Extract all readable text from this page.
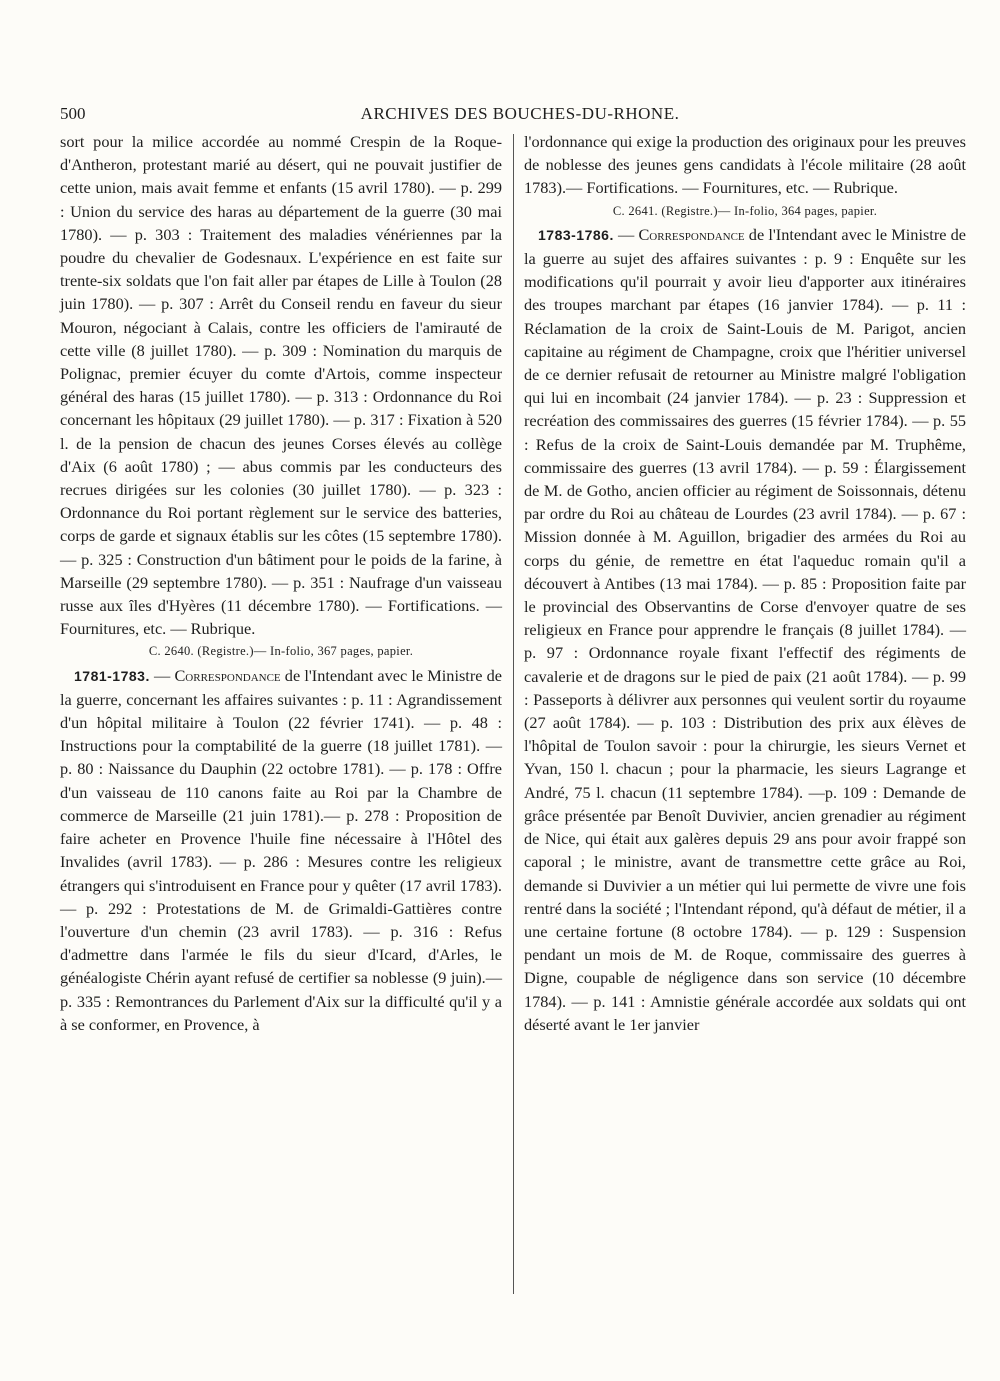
500	ARCHIVES DES BOUCHES-DU-RHONE.

sort pour la milice accordée au nommé Crespin de la Roque-d'Antheron, protestant marié au désert, qui ne pouvait justifier de cette union, mais avait femme et enfants (15 avril 1780). — p. 299 : Union du service des haras au département de la guerre (30 mai 1780). — p. 303 : Traitement des maladies vénériennes par la poudre du chevalier de Godesnaux. L'expérience en est faite sur trente-six soldats que l'on fait aller par étapes de Lille à Toulon (28 juin 1780). — p. 307 : Arrêt du Conseil rendu en faveur du sieur Mouron, négociant à Calais, contre les officiers de l'amirauté de cette ville (8 juillet 1780). — p. 309 : Nomination du marquis de Polignac, premier écuyer du comte d'Artois, comme inspecteur général des haras (15 juillet 1780). — p. 313 : Ordonnance du Roi concernant les hôpitaux (29 juillet 1780). — p. 317 : Fixation à 520 l. de la pension de chacun des jeunes Corses élevés au collège d'Aix (6 août 1780) ; — abus commis par les conducteurs des recrues dirigées sur les colonies (30 juillet 1780). — p. 323 : Ordonnance du Roi portant règlement sur le service des batteries, corps de garde et signaux établis sur les côtes (15 septembre 1780). — p. 325 : Construction d'un bâtiment pour le poids de la farine, à Marseille (29 septembre 1780). — p. 351 : Naufrage d'un vaisseau russe aux îles d'Hyères (11 décembre 1780). — Fortifications. — Fournitures, etc. — Rubrique.

C. 2640. (Registre.)— In-folio, 367 pages, papier.

1781-1783. — Correspondance de l'Intendant avec le Ministre de la guerre, concernant les affaires suivantes : p. 11 : Agrandissement d'un hôpital militaire à Toulon (22 février 1741). — p. 48 : Instructions pour la comptabilité de la guerre (18 juillet 1781). — p. 80 : Naissance du Dauphin (22 octobre 1781). — p. 178 : Offre d'un vaisseau de 110 canons faite au Roi par la Chambre de commerce de Marseille (21 juin 1781).— p. 278 : Proposition de faire acheter en Provence l'huile fine nécessaire à l'Hôtel des Invalides (avril 1783). — p. 286 : Mesures contre les religieux étrangers qui s'introduisent en France pour y quêter (17 avril 1783). — p. 292 : Protestations de M. de Grimaldi-Gattières contre l'ouverture d'un chemin (23 avril 1783). — p. 316 : Refus d'admettre dans l'armée le fils du sieur d'Icard, d'Arles, le généalogiste Chérin ayant refusé de certifier sa noblesse (9 juin).— p. 335 : Remontrances du Parlement d'Aix sur la difficulté qu'il y a à se conformer, en Provence, à

l'ordonnance qui exige la production des originaux pour les preuves de noblesse des jeunes gens candidats à l'école militaire (28 août 1783).— Fortifications. — Fournitures, etc. — Rubrique.

C. 2641. (Registre.)— In-folio, 364 pages, papier.

1783-1786. — Correspondance de l'Intendant avec le Ministre de la guerre au sujet des affaires suivantes : p. 9 : Enquête sur les modifications qu'il pourrait y avoir lieu d'apporter aux itinéraires des troupes marchant par étapes (16 janvier 1784). — p. 11 : Réclamation de la croix de Saint-Louis de M. Parigot, ancien capitaine au régiment de Champagne, croix que l'héritier universel de ce dernier refusait de retourner au Ministre malgré l'obligation qui lui en incombait (24 janvier 1784). — p. 23 : Suppression et recréation des commissaires des guerres (15 février 1784). — p. 55 : Refus de la croix de Saint-Louis demandée par M. Truphême, commissaire des guerres (13 avril 1784). — p. 59 : Élargissement de M. de Gotho, ancien officier au régiment de Soissonnais, détenu par ordre du Roi au château de Lourdes (23 avril 1784). — p. 67 : Mission donnée à M. Aguillon, brigadier des armées du Roi au corps du génie, de remettre en état l'aqueduc romain qu'il a découvert à Antibes (13 mai 1784). — p. 85 : Proposition faite par le provincial des Observantins de Corse d'envoyer quatre de ses religieux en France pour apprendre le français (8 juillet 1784). — p. 97 : Ordonnance royale fixant l'effectif des régiments de cavalerie et de dragons sur le pied de paix (21 août 1784). — p. 99 : Passeports à délivrer aux personnes qui veulent sortir du royaume (27 août 1784). — p. 103 : Distribution des prix aux élèves de l'hôpital de Toulon savoir : pour la chirurgie, les sieurs Vernet et Yvan, 150 l. chacun ; pour la pharmacie, les sieurs Lagrange et André, 75 l. chacun (11 septembre 1784). —p. 109 : Demande de grâce présentée par Benoît Duvivier, ancien grenadier au régiment de Nice, qui était aux galères depuis 29 ans pour avoir frappé son caporal ; le ministre, avant de transmettre cette grâce au Roi, demande si Duvivier a un métier qui lui permette de vivre une fois rentré dans la société ; l'Intendant répond, qu'à défaut de métier, il a une certaine fortune (8 octobre 1784). — p. 129 : Suspension pendant un mois de M. de Roque, commissaire des guerres à Digne, coupable de négligence dans son service (10 décembre 1784). — p. 141 : Amnistie générale accordée aux soldats qui ont déserté avant le 1er janvier
